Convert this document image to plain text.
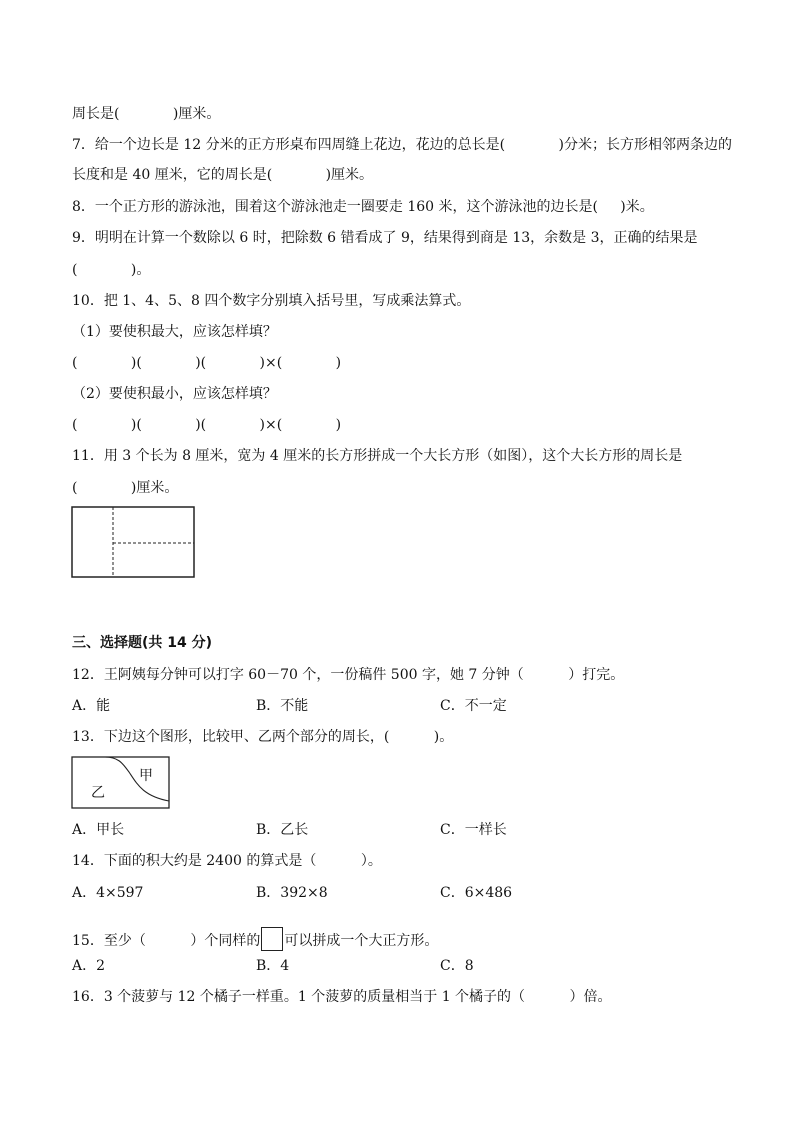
周长是(            )厘米。
7．给一个边长是 12 分米的正方形桌布四周缝上花边，花边的总长是(            )分米；长方形相邻两条边的
长度和是 40 厘米，它的周长是(            )厘米。
8．一个正方形的游泳池，围着这个游泳池走一圈要走 160 米，这个游泳池的边长是(     )米。
9．明明在计算一个数除以 6 时，把除数 6 错看成了 9，结果得到商是 13，余数是 3，正确的结果是
(            )。
10．把 1、4、5、8 四个数字分别填入括号里，写成乘法算式。
（1）要使积最大，应该怎样填？
(            )(            )(            )×(            )
（2）要使积最小，应该怎样填？
(            )(            )(            )×(            )
11．用 3 个长为 8 厘米，宽为 4 厘米的长方形拼成一个大长方形（如图），这个大长方形的周长是
(            )厘米。
三、选择题(共 14 分)
12．王阿姨每分钟可以打字 60－70 个，一份稿件 500 字，她 7 分钟（          ）打完。
A．能	B．不能	C．不一定
13．下边这个图形，比较甲、乙两个部分的周长，(          )。
甲
乙
A．甲长	B．乙长	C．一样长
14．下面的积大约是 2400 的算式是（          ）。
A．4×597	B．392×8	C．6×486
15．至少（          ）个同样的 可以拼成一个大正方形。
A．2	B．4	C．8
16．3 个菠萝与 12 个橘子一样重。1 个菠萝的质量相当于 1 个橘子的（          ）倍。
